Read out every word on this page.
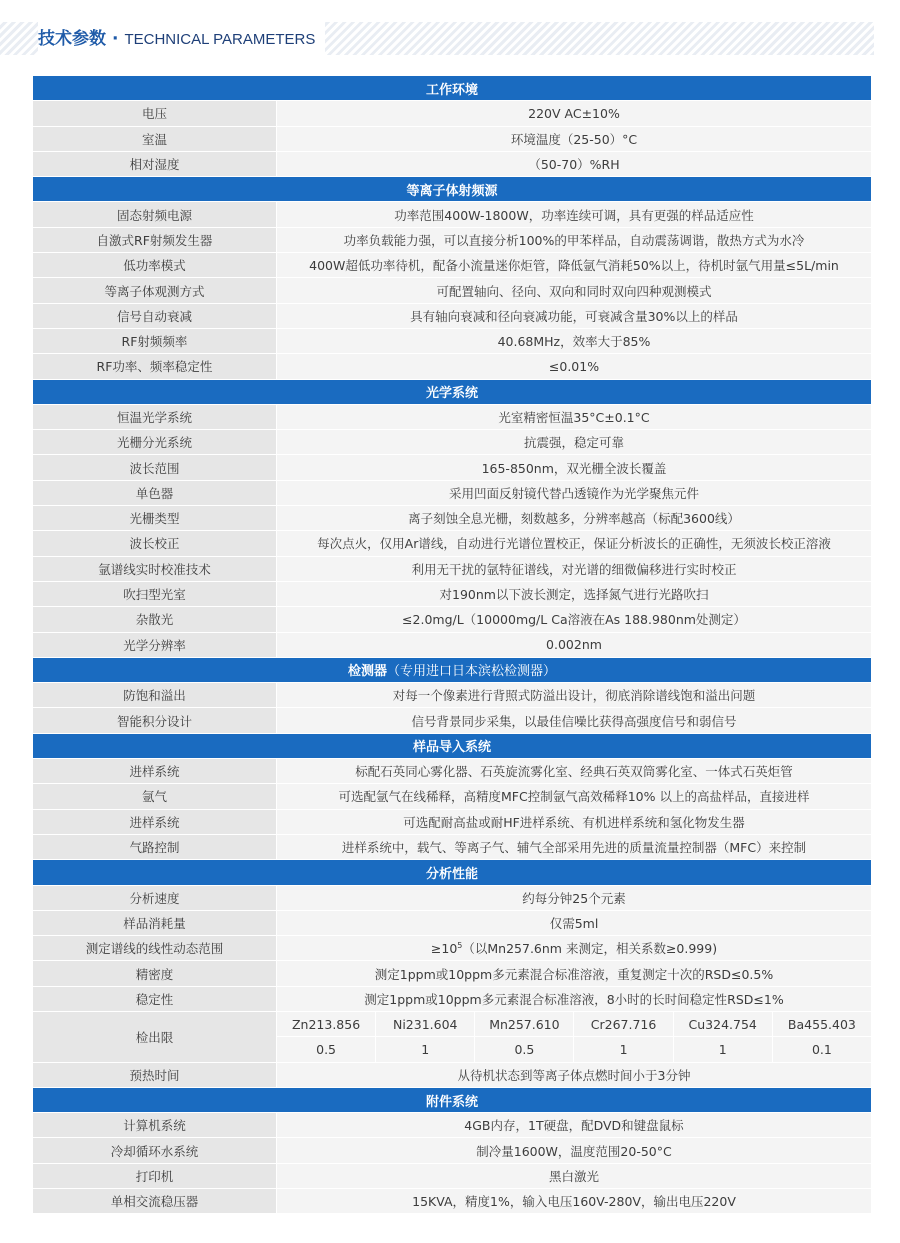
技术参数 · TECHNICAL PARAMETERS
工作环境						
电压	220V AC±10%					
室温	环境温度（25-50）°C					
相对湿度	（50-70）%RH					
等离子体射频源						
固态射频电源	功率范围400W-1800W，功率连续可调，具有更强的样品适应性					
自激式RF射频发生器	功率负载能力强，可以直接分析100%的甲苯样品，自动震荡调谐，散热方式为水冷					
低功率模式	400W超低功率待机，配备小流量迷你炬管，降低氩气消耗50%以上，待机时氩气用量≤5L/min					
等离子体观测方式	可配置轴向、径向、双向和同时双向四种观测模式					
信号自动衰减	具有轴向衰减和径向衰减功能，可衰减含量30%以上的样品					
RF射频频率	40.68MHz，效率大于85%					
RF功率、频率稳定性	≤0.01%					
光学系统						
恒温光学系统	光室精密恒温35°C±0.1°C					
光栅分光系统	抗震强，稳定可靠					
波长范围	165-850nm，双光栅全波长覆盖					
单色器	采用凹面反射镜代替凸透镜作为光学聚焦元件					
光栅类型	离子刻蚀全息光栅，刻数越多，分辨率越高（标配3600线）					
波长校正	每次点火，仅用Ar谱线，自动进行光谱位置校正，保证分析波长的正确性，无须波长校正溶液					
氩谱线实时校准技术	利用无干扰的氩特征谱线，对光谱的细微偏移进行实时校正					
吹扫型光室	对190nm以下波长测定，选择氮气进行光路吹扫					
杂散光	≤2.0mg/L（10000mg/L Ca溶液在As 188.980nm处测定）					
光学分辨率	0.002nm					
检测器（专用进口日本滨松检测器）						
防饱和溢出	对每一个像素进行背照式防溢出设计，彻底消除谱线饱和溢出问题					
智能积分设计	信号背景同步采集，以最佳信噪比获得高强度信号和弱信号					
样品导入系统						
进样系统	标配石英同心雾化器、石英旋流雾化室、经典石英双筒雾化室、一体式石英炬管					
氩气	可选配氩气在线稀释，高精度MFC控制氩气高效稀释10% 以上的高盐样品，直接进样					
进样系统	可选配耐高盐或耐HF进样系统、有机进样系统和氢化物发生器					
气路控制	进样系统中，载气、等离子气、辅气全部采用先进的质量流量控制器（MFC）来控制					
分析性能						
分析速度	约每分钟25个元素					
样品消耗量	仅需5ml					
测定谱线的线性动态范围	$\ge 10^5$（以Mn257.6nm 来测定，相关系数≥0.999)					
精密度	测定1ppm或10ppm多元素混合标准溶液，重复测定十次的RSD≤0.5%					
稳定性	测定1ppm或10ppm多元素混合标准溶液，8小时的长时间稳定性RSD≤1%					
检出限	Zn213.856	Ni231.604	Mn257.610	Cr267.716	Cu324.754	Ba455.403
	0.5	1	0.5	1	1	0.1
预热时间	从待机状态到等离子体点燃时间小于3分钟					
附件系统						
计算机系统	4GB内存，1T硬盘，配DVD和键盘鼠标					
冷却循环水系统	制冷量1600W，温度范围20-50°C					
打印机	黑白激光					
单相交流稳压器	15KVA，精度1%，输入电压160V-280V，输出电压220V					
